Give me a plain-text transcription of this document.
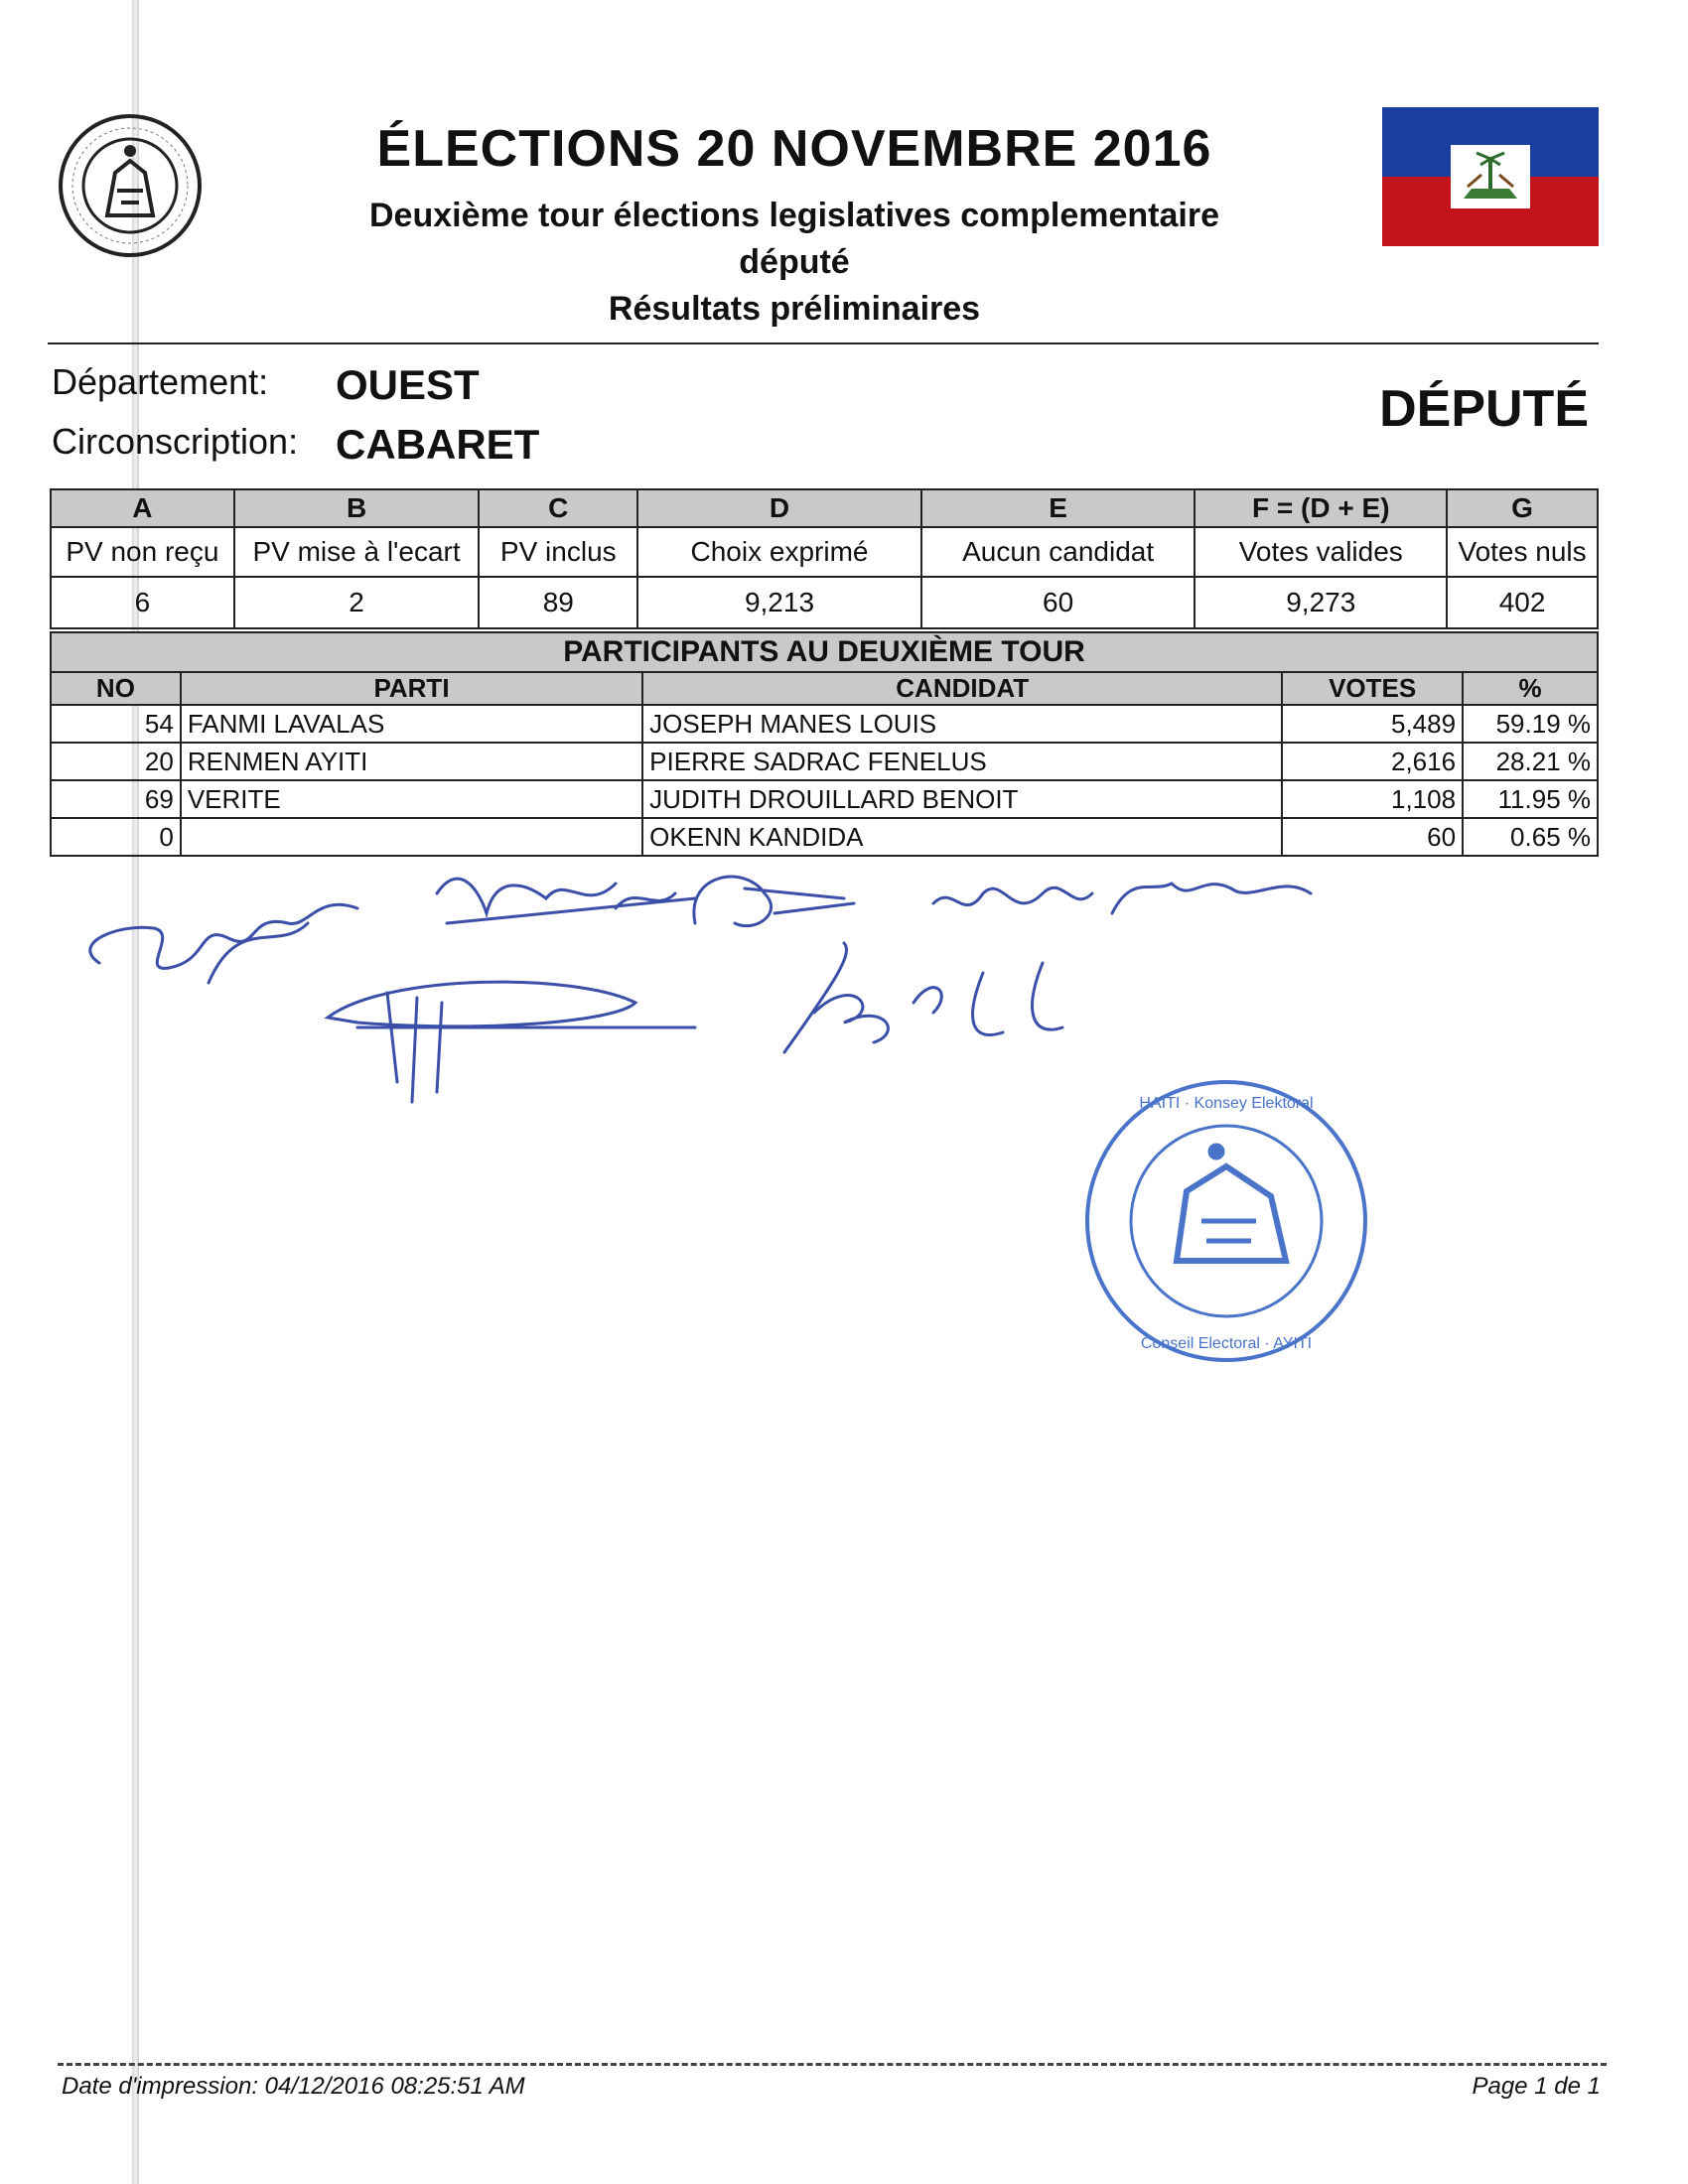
ÉLECTIONS 20 NOVEMBRE 2016
Deuxième tour élections legislatives complementaire
député
Résultats préliminaires
Département: OUEST
Circonscription: CABARET
DÉPUTÉ
A	B	C	D	E	F = (D + E)	G
PV non reçu	PV mise à l'ecart	PV inclus	Choix exprimé	Aucun candidat	Votes valides	Votes nuls
6	2	89	9,213	60	9,273	402
PARTICIPANTS AU DEUXIÈME TOUR				
NO	PARTI	CANDIDAT	VOTES	%
54	FANMI LAVALAS	JOSEPH MANES LOUIS	5,489	59.19 %
20	RENMEN AYITI	PIERRE SADRAC FENELUS	2,616	28.21 %
69	VERITE	JUDITH DROUILLARD BENOIT	1,108	11.95 %
0		OKENN KANDIDA	60	0.65 %
HAITI · Konsey Elektoral
Conseil Electoral · AYITI
Date d'impression: 04/12/2016 08:25:51 AM	Page 1 de 1
